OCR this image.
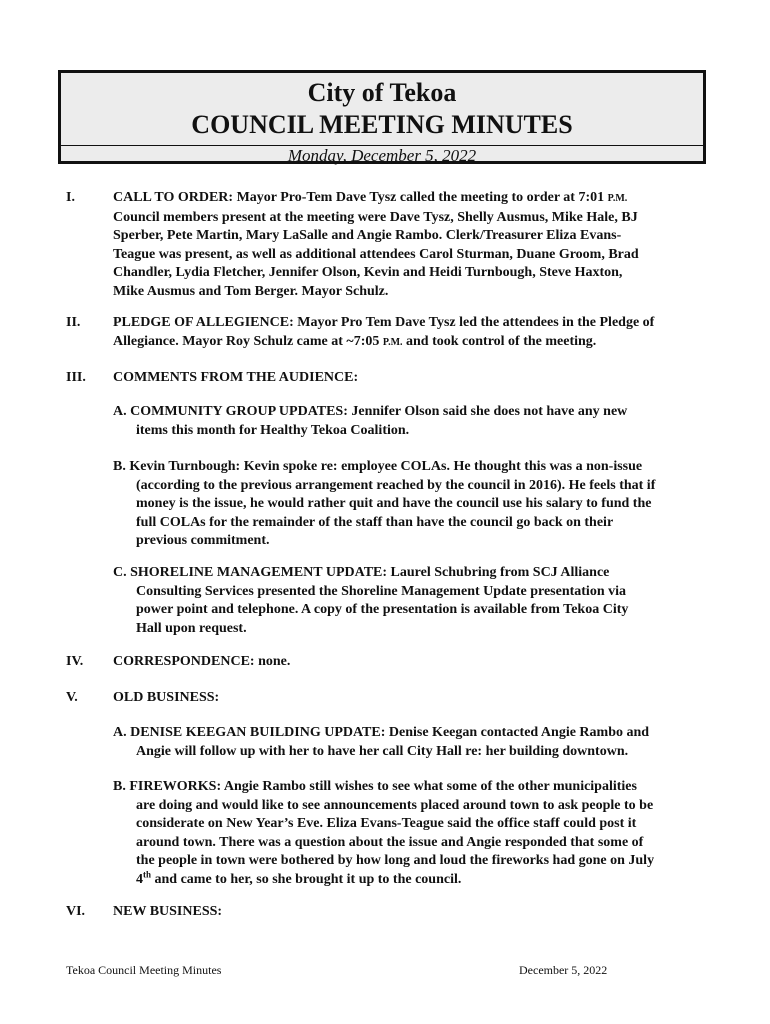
City of Tekoa
COUNCIL MEETING MINUTES
Monday, December 5, 2022
I.	CALL TO ORDER: Mayor Pro-Tem Dave Tysz called the meeting to order at 7:01 P.M.
Council members present at the meeting were Dave Tysz, Shelly Ausmus, Mike Hale, BJ
Sperber, Pete Martin, Mary LaSalle and Angie Rambo. Clerk/Treasurer Eliza Evans-
Teague was present, as well as additional attendees Carol Sturman, Duane Groom, Brad
Chandler, Lydia Fletcher, Jennifer Olson, Kevin and Heidi Turnbough, Steve Haxton,
Mike Ausmus and Tom Berger. Mayor Schulz.
II. PLEDGE OF ALLEGIENCE: Mayor Pro Tem Dave Tysz led the attendees in the Pledge of
Allegiance. Mayor Roy Schulz came at ~7:05 P.M. and took control of the meeting.
III. COMMENTS FROM THE AUDIENCE:
A. COMMUNITY GROUP UPDATES: Jennifer Olson said she does not have any new
items this month for Healthy Tekoa Coalition.
B. Kevin Turnbough: Kevin spoke re: employee COLAs. He thought this was a non-issue
(according to the previous arrangement reached by the council in 2016). He feels that if
money is the issue, he would rather quit and have the council use his salary to fund the
full COLAs for the remainder of the staff than have the council go back on their
previous commitment.
C. SHORELINE MANAGEMENT UPDATE: Laurel Schubring from SCJ Alliance
Consulting Services presented the Shoreline Management Update presentation via
power point and telephone. A copy of the presentation is available from Tekoa City
Hall upon request.
IV. CORRESPONDENCE: none.
V.	OLD BUSINESS:
A. DENISE KEEGAN BUILDING UPDATE: Denise Keegan contacted Angie Rambo and
Angie will follow up with her to have her call City Hall re: her building downtown.
B. FIREWORKS: Angie Rambo still wishes to see what some of the other municipalities
are doing and would like to see announcements placed around town to ask people to be
considerate on New Year’s Eve. Eliza Evans-Teague said the office staff could post it
around town. There was a question about the issue and Angie responded that some of
the people in town were bothered by how long and loud the fireworks had gone on July
4th and came to her, so she brought it up to the council.
VI. NEW BUSINESS:
Tekoa Council Meeting Minutes	December 5, 2022
